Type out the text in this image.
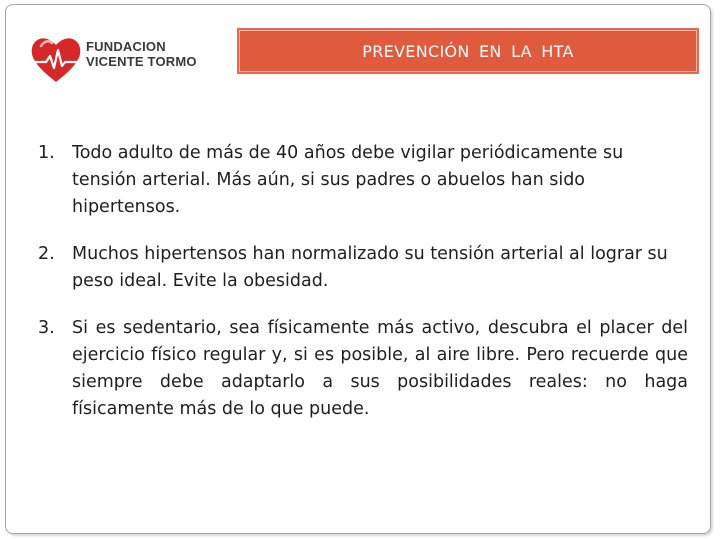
FUNDACION
VICENTE TORMO
PREVENCIÓN EN LA HTA
1. Todo adulto de más de 40 años debe vigilar periódicamente su tensión arterial. Más aún, si sus padres o abuelos han sido hipertensos.
2. Muchos hipertensos han normalizado su tensión arterial al lograr su peso ideal. Evite la obesidad.
3. Si es sedentario, sea físicamente más activo, descubra el placer del ejercicio físico regular y, si es posible, al aire libre. Pero recuerde que siempre debe adaptarlo a sus posibilidades reales: no haga físicamente más de lo que puede.
